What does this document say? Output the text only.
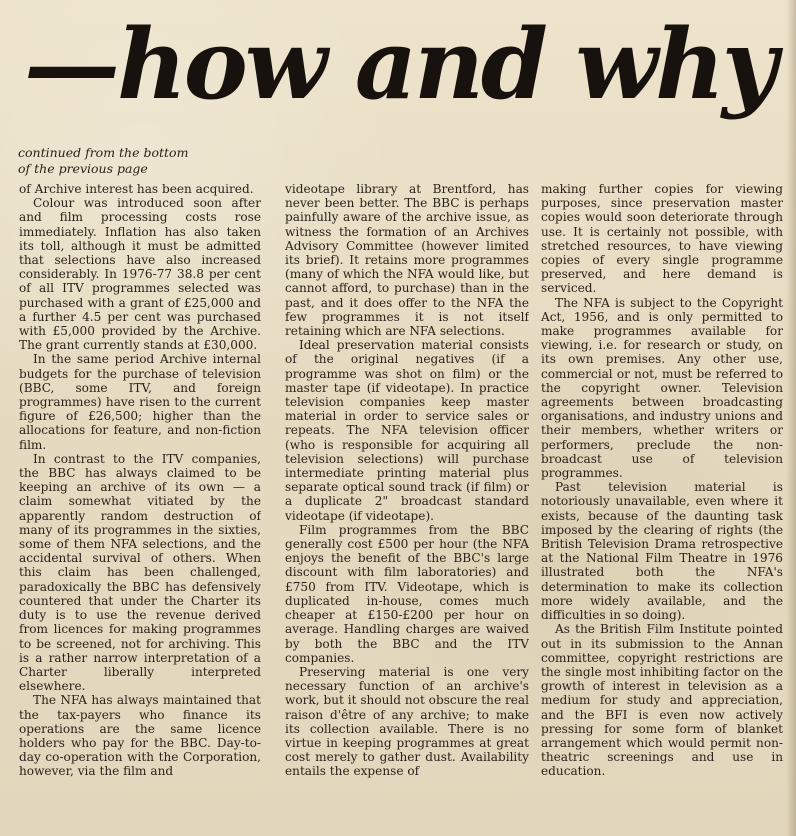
—how and why
continued from the bottom
of the previous page

of Archive interest has been acquired.

Colour was introduced soon after and film processing costs rose immediately. Inflation has also taken its toll, although it must be admitted that selections have also increased considerably. In 1976-77 38.8 per cent of all ITV programmes selected was purchased with a grant of £25,000 and a further 4.5 per cent was purchased with £5,000 provided by the Archive. The grant currently stands at £30,000.

In the same period Archive internal budgets for the purchase of television (BBC, some ITV, and foreign programmes) have risen to the current figure of £26,500; higher than the allocations for feature, and non-fiction film.

In contrast to the ITV companies, the BBC has always claimed to be keeping an archive of its own — a claim somewhat vitiated by the apparently random destruction of many of its programmes in the sixties, some of them NFA selections, and the accidental survival of others. When this claim has been challenged, paradoxically the BBC has defensively countered that under the Charter its duty is to use the revenue derived from licences for making programmes to be screened, not for archiving. This is a rather narrow interpretation of a Charter liberally interpreted elsewhere.

The NFA has always maintained that the tax-payers who finance its operations are the same licence holders who pay for the BBC. Day-to-day co-operation with the Corporation, however, via the film and

videotape library at Brentford, has never been better. The BBC is perhaps painfully aware of the archive issue, as witness the formation of an Archives Advisory Committee (however limited its brief). It retains more programmes (many of which the NFA would like, but cannot afford, to purchase) than in the past, and it does offer to the NFA the few programmes it is not itself retaining which are NFA selections.

Ideal preservation material consists of the original negatives (if a programme was shot on film) or the master tape (if videotape). In practice television companies keep master material in order to service sales or repeats. The NFA television officer (who is responsible for acquiring all television selections) will purchase intermediate printing material plus separate optical sound track (if film) or a duplicate 2" broadcast standard videotape (if videotape).

Film programmes from the BBC generally cost £500 per hour (the NFA enjoys the benefit of the BBC's large discount with film laboratories) and £750 from ITV. Videotape, which is duplicated in-house, comes much cheaper at £150-£200 per hour on average. Handling charges are waived by both the BBC and the ITV companies.

Preserving material is one very necessary function of an archive's work, but it should not obscure the real raison d'être of any archive; to make its collection available. There is no virtue in keeping programmes at great cost merely to gather dust. Availability entails the expense of

making further copies for viewing purposes, since preservation master copies would soon deteriorate through use. It is certainly not possible, with stretched resources, to have viewing copies of every single programme preserved, and here demand is serviced.

The NFA is subject to the Copyright Act, 1956, and is only permitted to make programmes available for viewing, i.e. for research or study, on its own premises. Any other use, commercial or not, must be referred to the copyright owner. Television agreements between broadcasting organisations, and industry unions and their members, whether writers or performers, preclude the non-broadcast use of television programmes.

Past television material is notoriously unavailable, even where it exists, because of the daunting task imposed by the clearing of rights (the British Television Drama retrospective at the National Film Theatre in 1976 illustrated both the NFA's determination to make its collection more widely available, and the difficulties in so doing).

As the British Film Institute pointed out in its submission to the Annan committee, copyright restrictions are the single most inhibiting factor on the growth of interest in television as a medium for study and appreciation, and the BFI is even now actively pressing for some form of blanket arrangement which would permit non-theatric screenings and use in education.
